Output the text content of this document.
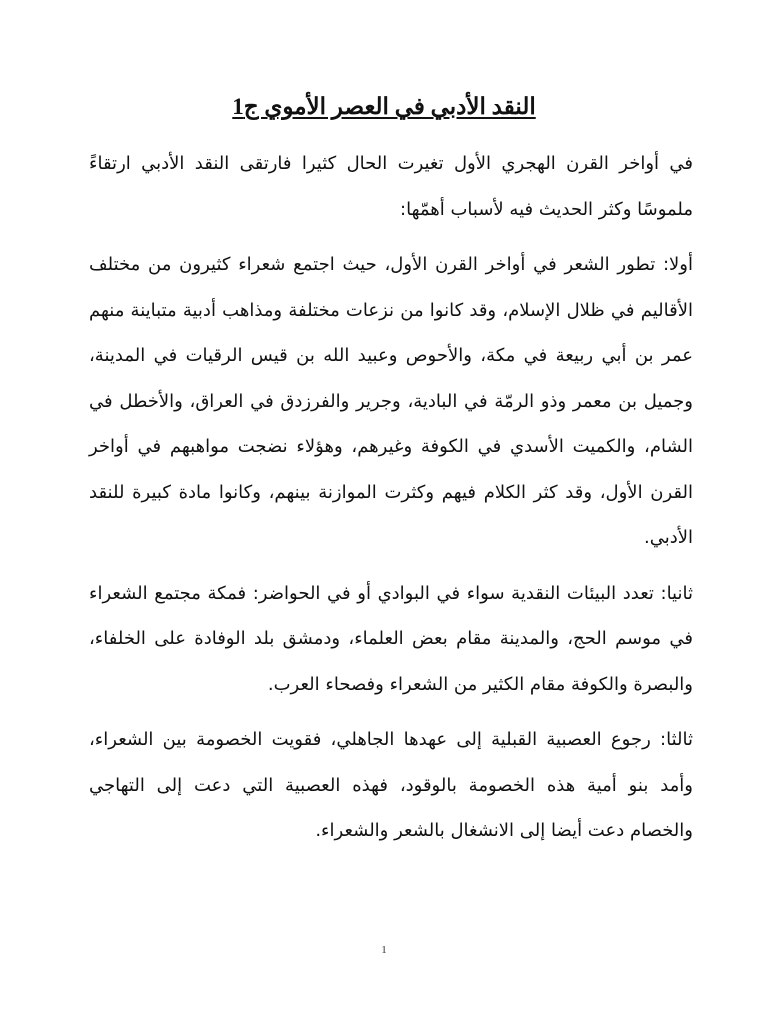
النقد الأدبي في العصر الأموي ج1

في أواخر القرن الهجري الأول تغيرت الحال كثيرا فارتقى النقد الأدبي ارتقاءً ملموسًا وكثر الحديث فيه لأسباب أهمّها:

أولا: تطور الشعر في أواخر القرن الأول، حيث اجتمع شعراء كثيرون من مختلف الأقاليم في ظلال الإسلام، وقد كانوا من نزعات مختلفة ومذاهب أدبية متباينة منهم عمر بن أبي ربيعة في مكة، والأحوص وعبيد الله بن قيس الرقيات في المدينة، وجميل بن معمر وذو الرمّة في البادية، وجرير والفرزدق في العراق، والأخطل في الشام، والكميت الأسدي في الكوفة وغيرهم، وهؤلاء نضجت مواهبهم في أواخر القرن الأول، وقد كثر الكلام فيهم وكثرت الموازنة بينهم، وكانوا مادة كبيرة للنقد الأدبي.

ثانيا: تعدد البيئات النقدية سواء في البوادي أو في الحواضر: فمكة مجتمع الشعراء في موسم الحج، والمدينة مقام بعض العلماء، ودمشق بلد الوفادة على الخلفاء، والبصرة والكوفة مقام الكثير من الشعراء وفصحاء العرب.

ثالثا: رجوع العصبية القبلية إلى عهدها الجاهلي، فقويت الخصومة بين الشعراء، وأمد بنو أمية هذه الخصومة بالوقود، فهذه العصبية التي دعت إلى التهاجي والخصام دعت أيضا إلى الانشغال بالشعر والشعراء.

1
